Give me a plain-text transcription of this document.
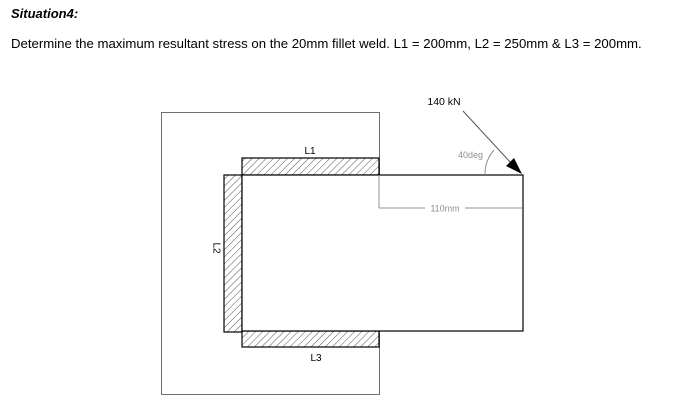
Situation4:
Determine the maximum resultant stress on the 20mm fillet weld. L1 = 200mm, L2 = 250mm & L3 = 200mm.
110mm
40deg
140 kN
L1
L3
L2
